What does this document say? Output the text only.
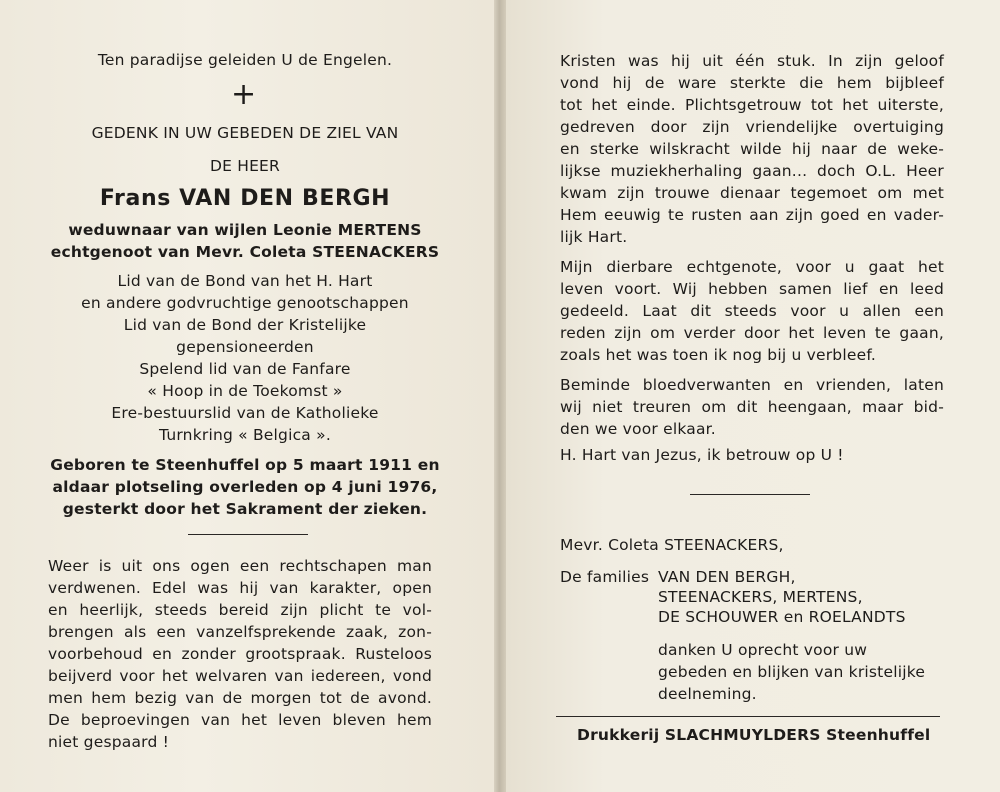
Ten paradijse geleiden U de Engelen.
+
GEDENK IN UW GEBEDEN DE ZIEL VAN
DE HEER
Frans VAN DEN BERGH
weduwnaar van wijlen Leonie MERTENS
echtgenoot van Mevr. Coleta STEENACKERS
Lid van de Bond van het H. Hart
en andere godvruchtige genootschappen
Lid van de Bond der Kristelijke
gepensioneerden
Spelend lid van de Fanfare
« Hoop in de Toekomst »
Ere-bestuurslid van de Katholieke
Turnkring « Belgica ».
Geboren te Steenhuffel op 5 maart 1911 en
aldaar plotseling overleden op 4 juni 1976,
gesterkt door het Sakrament der zieken.
Weer is uit ons ogen een rechtschapen man
verdwenen. Edel was hij van karakter, open
en heerlijk, steeds bereid zijn plicht te vol-
brengen als een vanzelfsprekende zaak, zon-
voorbehoud en zonder grootspraak. Rusteloos
beijverd voor het welvaren van iedereen, vond
men hem bezig van de morgen tot de avond.
De beproevingen van het leven bleven hem
niet gespaard !
Kristen was hij uit één stuk. In zijn geloof
vond hij de ware sterkte die hem bijbleef
tot het einde. Plichtsgetrouw tot het uiterste,
gedreven door zijn vriendelijke overtuiging
en sterke wilskracht wilde hij naar de weke-
lijkse muziekherhaling gaan... doch O.L. Heer
kwam zijn trouwe dienaar tegemoet om met
Hem eeuwig te rusten aan zijn goed en vader-
lijk Hart.
Mijn dierbare echtgenote, voor u gaat het
leven voort. Wij hebben samen lief en leed
gedeeld. Laat dit steeds voor u allen een
reden zijn om verder door het leven te gaan,
zoals het was toen ik nog bij u verbleef.
Beminde bloedverwanten en vrienden, laten
wij niet treuren om dit heengaan, maar bid-
den we voor elkaar.
H. Hart van Jezus, ik betrouw op U !
Mevr. Coleta STEENACKERS,
De families VAN DEN BERGH,
STEENACKERS, MERTENS,
DE SCHOUWER en ROELANDTS
danken U oprecht voor uw
gebeden en blijken van kristelijke
deelneming.
Drukkerij SLACHMUYLDERS Steenhuffel
